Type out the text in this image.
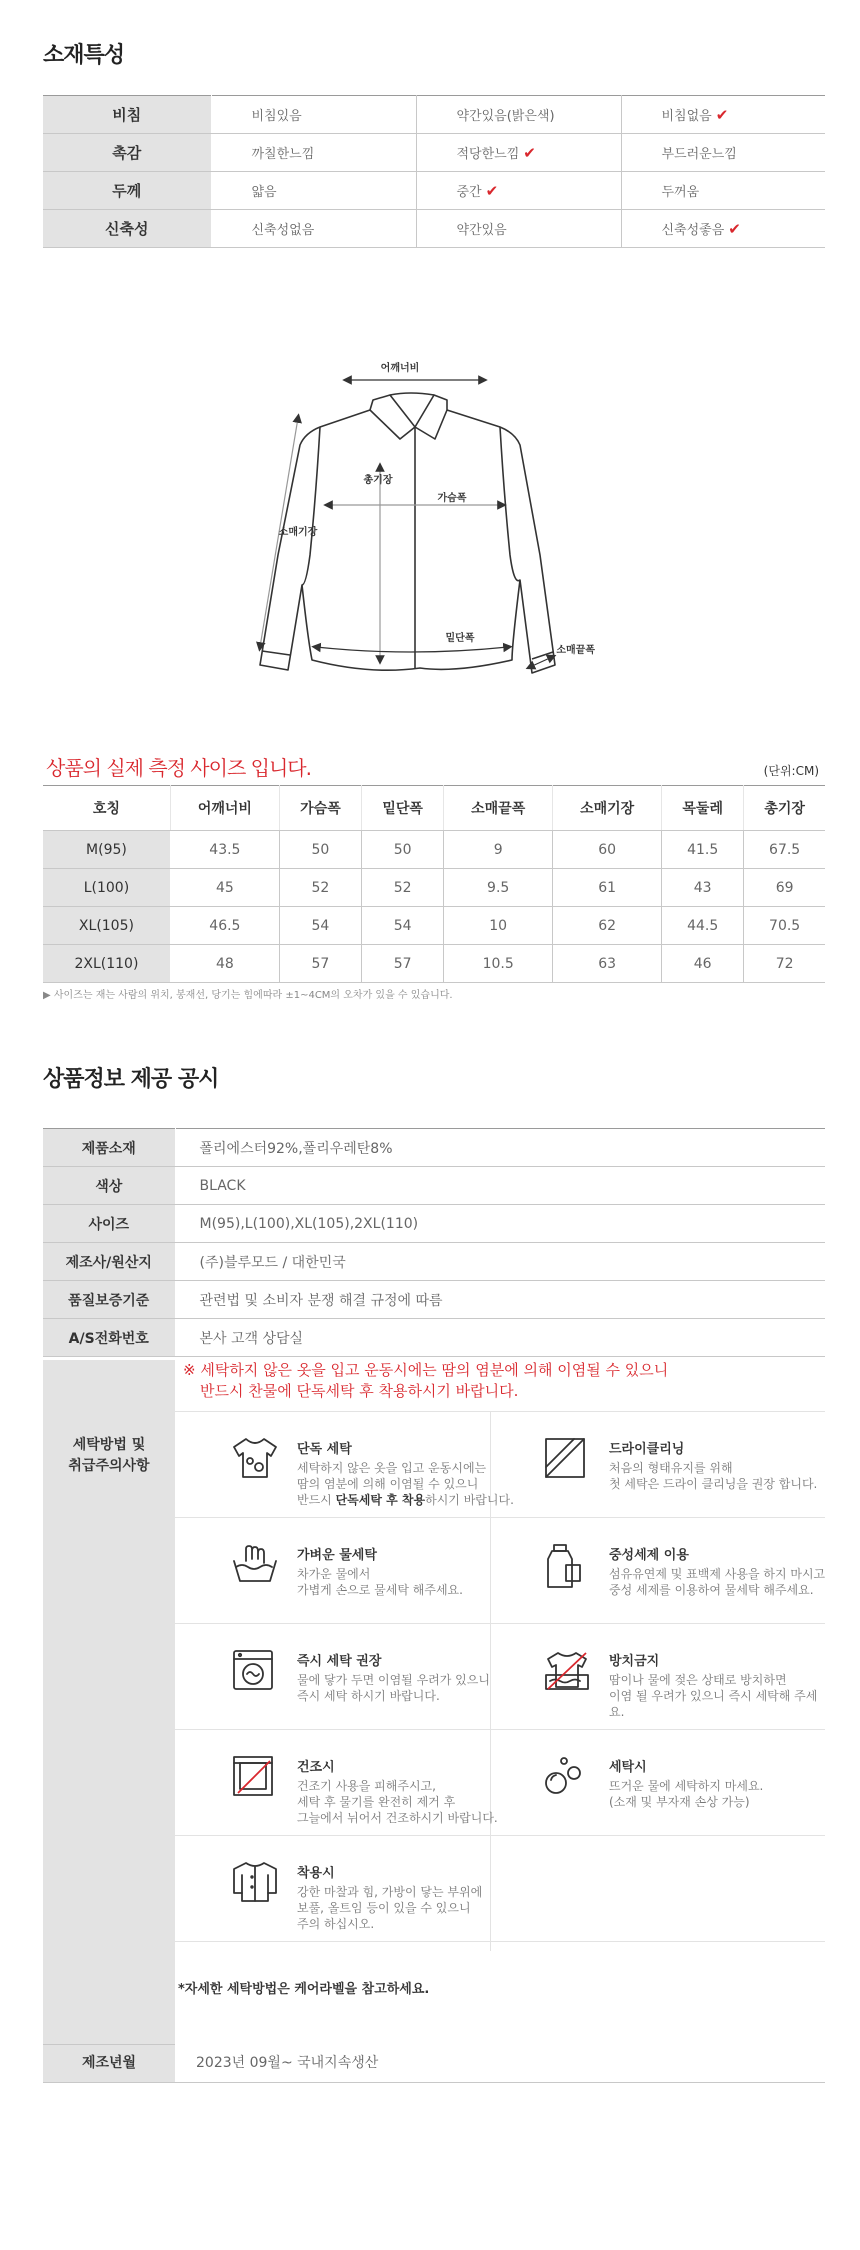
소재특성
비침	비침있음	약간있음(밝은색)	비침없음 ✔
촉감	까칠한느낌	적당한느낌 ✔	부드러운느낌
두께	얇음	중간 ✔	두꺼움
신축성	신축성없음	약간있음	신축성좋음 ✔
어깨너비
총기장
가슴폭
소매기장
밑단폭
소매끝폭
상품의 실제 측정 사이즈 입니다.	(단위:CM)
호칭	어깨너비	가슴폭	밑단폭	소매끝폭	소매기장	목둘레	총기장
M(95)	43.5	50	50	9	60	41.5	67.5
L(100)	45	52	52	9.5	61	43	69
XL(105)	46.5	54	54	10	62	44.5	70.5
2XL(110)	48	57	57	10.5	63	46	72
▶ 사이즈는 재는 사람의 위치, 봉재선, 당기는 힘에따라 ±1~4CM의 오차가 있을 수 있습니다.
상품정보 제공 공시
제품소재	폴리에스터92%,폴리우레탄8%
색상	BLACK
사이즈	M(95),L(100),XL(105),2XL(110)
제조사/원산지	(주)블루모드 / 대한민국
품질보증기준	관련법 및 소비자 분쟁 해결 규정에 따름
A/S전화번호	본사 고객 상담실
세탁방법 및
취급주의사항
※ 세탁하지 않은 옷을 입고 운동시에는 땀의 염분에 의해 이염될 수 있으니
반드시 찬물에 단독세탁 후 착용하시기 바랍니다.
단독 세탁
세탁하지 않은 옷을 입고 운동시에는
땀의 염분에 의해 이염될 수 있으니
반드시 단독세탁 후 착용하시기 바랍니다.
드라이클리닝
처음의 형태유지를 위해
첫 세탁은 드라이 클리닝을 권장 합니다.
가벼운 물세탁
차가운 물에서
가볍게 손으로 물세탁 해주세요.
중성세제 이용
섬유유연제 및 표백제 사용을 하지 마시고
중성 세제를 이용하여 물세탁 해주세요.
즉시 세탁 권장
물에 닿가 두면 이염될 우려가 있으니
즉시 세탁 하시기 바랍니다.
방치금지
땀이나 물에 젖은 상태로 방치하면
이염 될 우려가 있으니 즉시 세탁해 주세요.
건조시
건조기 사용을 피해주시고,
세탁 후 물기를 완전히 제거 후
그늘에서 뉘어서 건조하시기 바랍니다.
세탁시
뜨거운 물에 세탁하지 마세요.
(소재 및 부자재 손상 가능)
착용시
강한 마찰과 힘, 가방이 닿는 부위에
보풀, 올트임 등이 있을 수 있으니
주의 하십시오.
*자세한 세탁방법은 케어라벨을 참고하세요.
제조년월	2023년 09월~ 국내지속생산
